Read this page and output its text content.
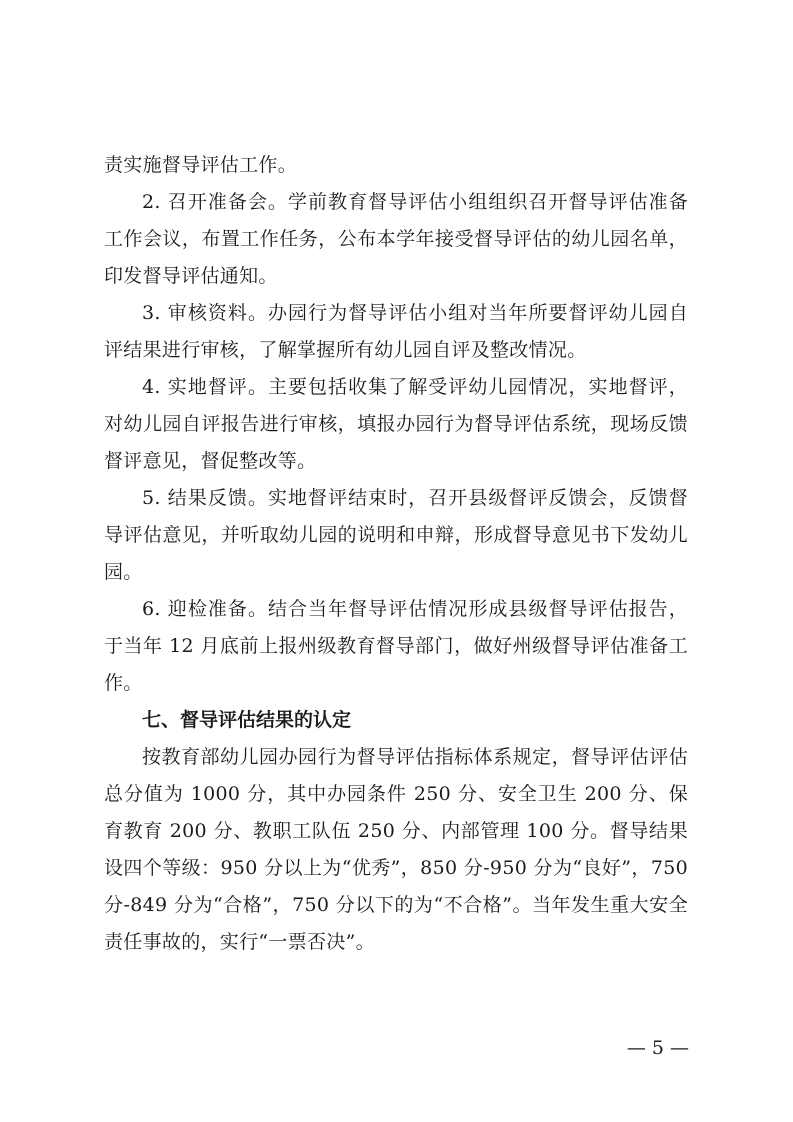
责实施督导评估工作。

2. 召开准备会。学前教育督导评估小组组织召开督导评估准备工作会议，布置工作任务，公布本学年接受督导评估的幼儿园名单，印发督导评估通知。

3. 审核资料。办园行为督导评估小组对当年所要督评幼儿园自评结果进行审核，了解掌握所有幼儿园自评及整改情况。

4. 实地督评。主要包括收集了解受评幼儿园情况，实地督评，对幼儿园自评报告进行审核，填报办园行为督导评估系统，现场反馈督评意见，督促整改等。

5. 结果反馈。实地督评结束时，召开县级督评反馈会，反馈督导评估意见，并听取幼儿园的说明和申辩，形成督导意见书下发幼儿园。

6. 迎检准备。结合当年督导评估情况形成县级督导评估报告，于当年 12 月底前上报州级教育督导部门，做好州级督导评估准备工作。

七、督导评估结果的认定

按教育部幼儿园办园行为督导评估指标体系规定，督导评估评估总分值为 1000 分，其中办园条件 250 分、安全卫生 200 分、保育教育 200 分、教职工队伍 250 分、内部管理 100 分。督导结果设四个等级：950 分以上为“优秀”，850 分-950 分为“良好”，750 分-849 分为“合格”，750 分以下的为“不合格”。当年发生重大安全责任事故的，实行“一票否决”。

— 5 —
